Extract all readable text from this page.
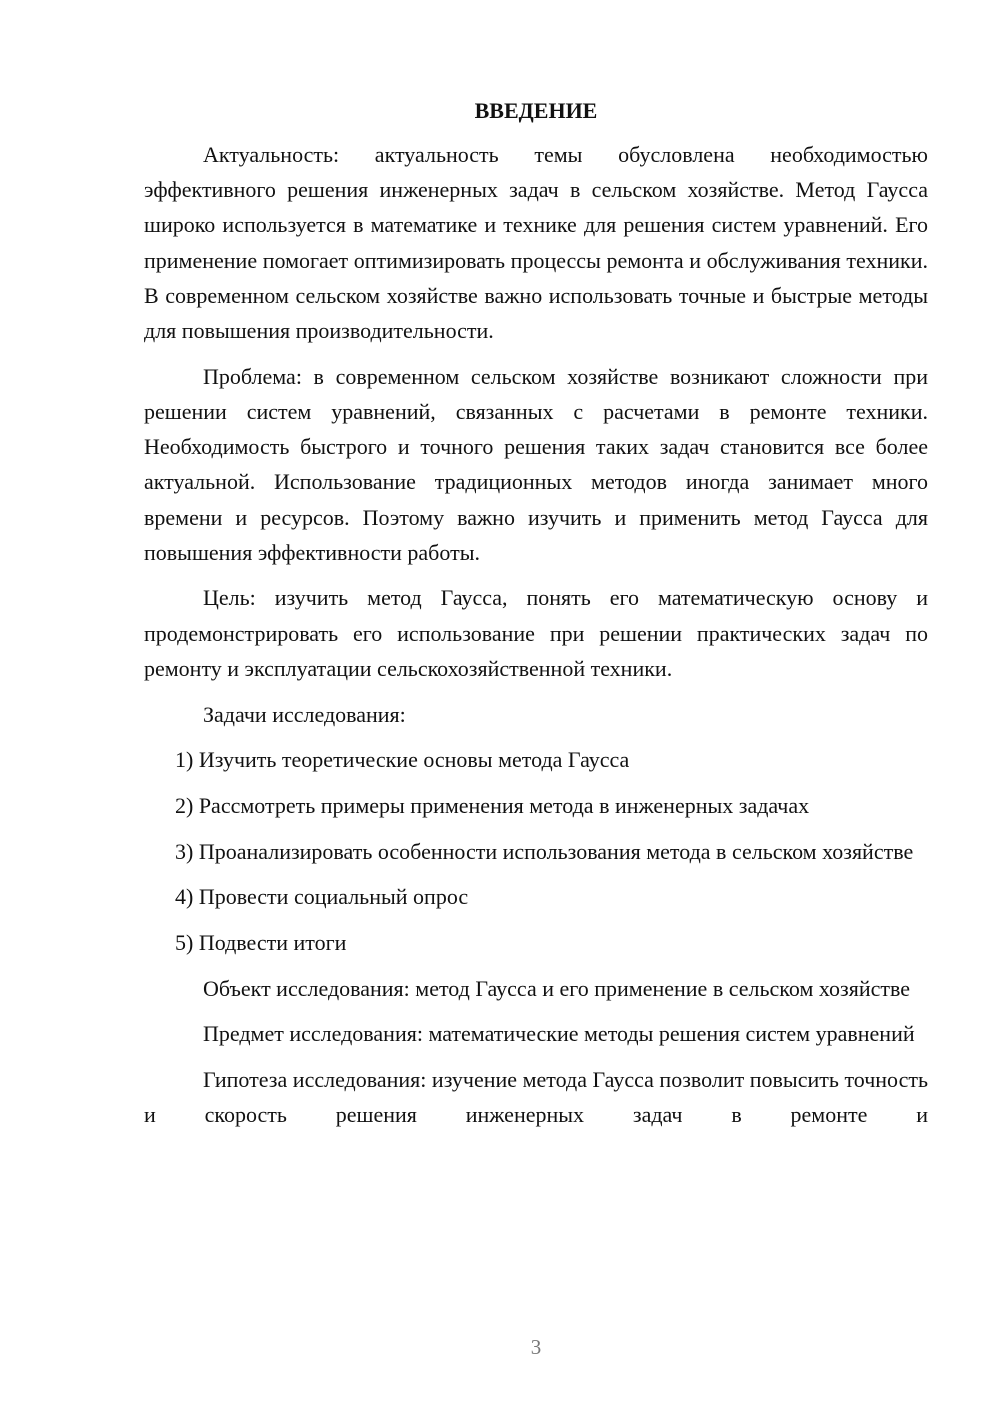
ВВЕДЕНИЕ

Актуальность: актуальность темы обусловлена необходимостью эффективного решения инженерных задач в сельском хозяйстве. Метод Гаусса широко используется в математике и технике для решения систем уравнений. Его применение помогает оптимизировать процессы ремонта и обслуживания техники. В современном сельском хозяйстве важно использовать точные и быстрые методы для повышения производительности.

Проблема: в современном сельском хозяйстве возникают сложности при решении систем уравнений, связанных с расчетами в ремонте техники. Необходимость быстрого и точного решения таких задач становится все более актуальной. Использование традиционных методов иногда занимает много времени и ресурсов. Поэтому важно изучить и применить метод Гаусса для повышения эффективности работы.

Цель: изучить метод Гаусса, понять его математическую основу и продемонстрировать его использование при решении практических задач по ремонту и эксплуатации сельскохозяйственной техники.

Задачи исследования:

1) Изучить теоретические основы метода Гаусса

2) Рассмотреть примеры применения метода в инженерных задачах

3) Проанализировать особенности использования метода в сельском хозяйстве

4) Провести социальный опрос

5) Подвести итоги

Объект исследования: метод Гаусса и его применение в сельском хозяйстве

Предмет исследования: математические методы решения систем уравнений

Гипотеза исследования: изучение метода Гаусса позволит повысить точность и скорость решения инженерных задач в ремонте и

3
